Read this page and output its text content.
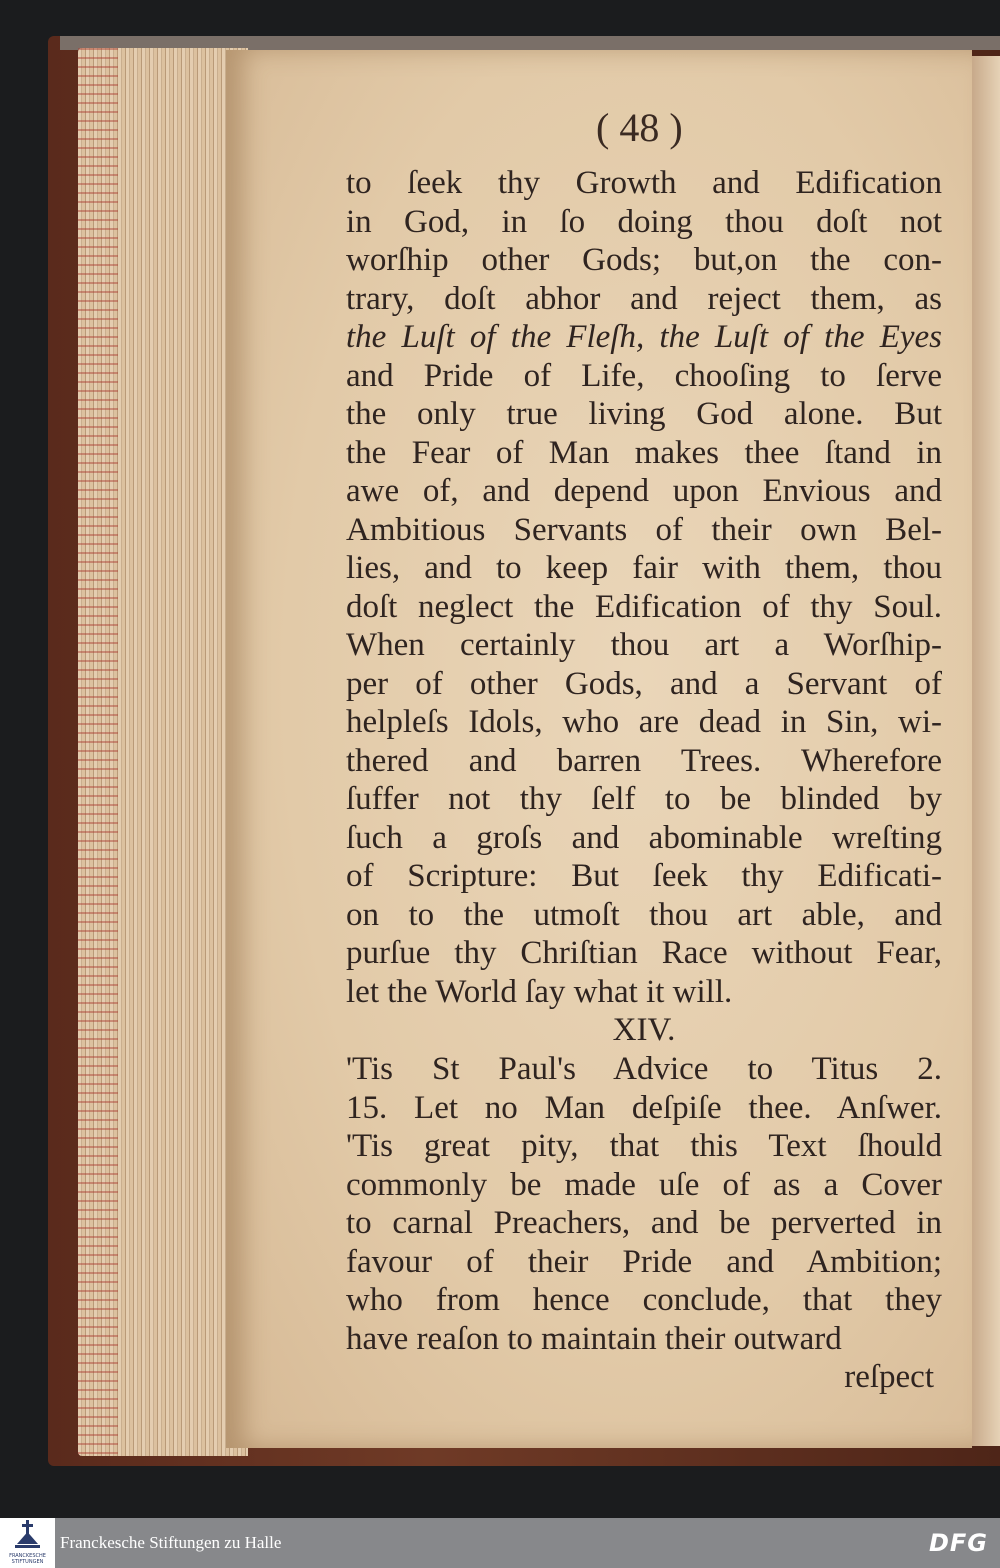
( 48 )
to ſeek thy Growth and Edification
in God, in ſo doing thou doſt not
worſhip other Gods; but,on the con-
trary, doſt abhor and reject them, as
the Luſt of the Fleſh, the Luſt of the Eyes
and Pride of Life, chooſing to ſerve
the only true living God alone. But
the Fear of Man makes thee ſtand in
awe of, and depend upon Envious and
Ambitious Servants of their own Bel-
lies, and to keep fair with them, thou
doſt neglect the Edification of thy Soul.
When certainly thou art a Worſhip-
per of other Gods, and a Servant of
helpleſs Idols, who are dead in Sin, wi-
thered and barren Trees. Wherefore
ſuffer not thy ſelf to be blinded by
ſuch a groſs and abominable wreſting
of Scripture: But ſeek thy Edificati-
on to the utmoſt thou art able, and
purſue thy Chriſtian Race without Fear,
let the World ſay what it will.
XIV.
'Tis St Paul's Advice to Titus 2.
15. Let no Man deſpiſe thee. Anſwer.
'Tis great pity, that this Text ſhould
commonly be made uſe of as a Cover
to carnal Preachers, and be perverted in
favour of their Pride and Ambition;
who from hence conclude, that they
have reaſon to maintain their outward
reſpect
FRANCKESCHE
STIFTUNGEN
Franckesche Stiftungen zu Halle	DFG
